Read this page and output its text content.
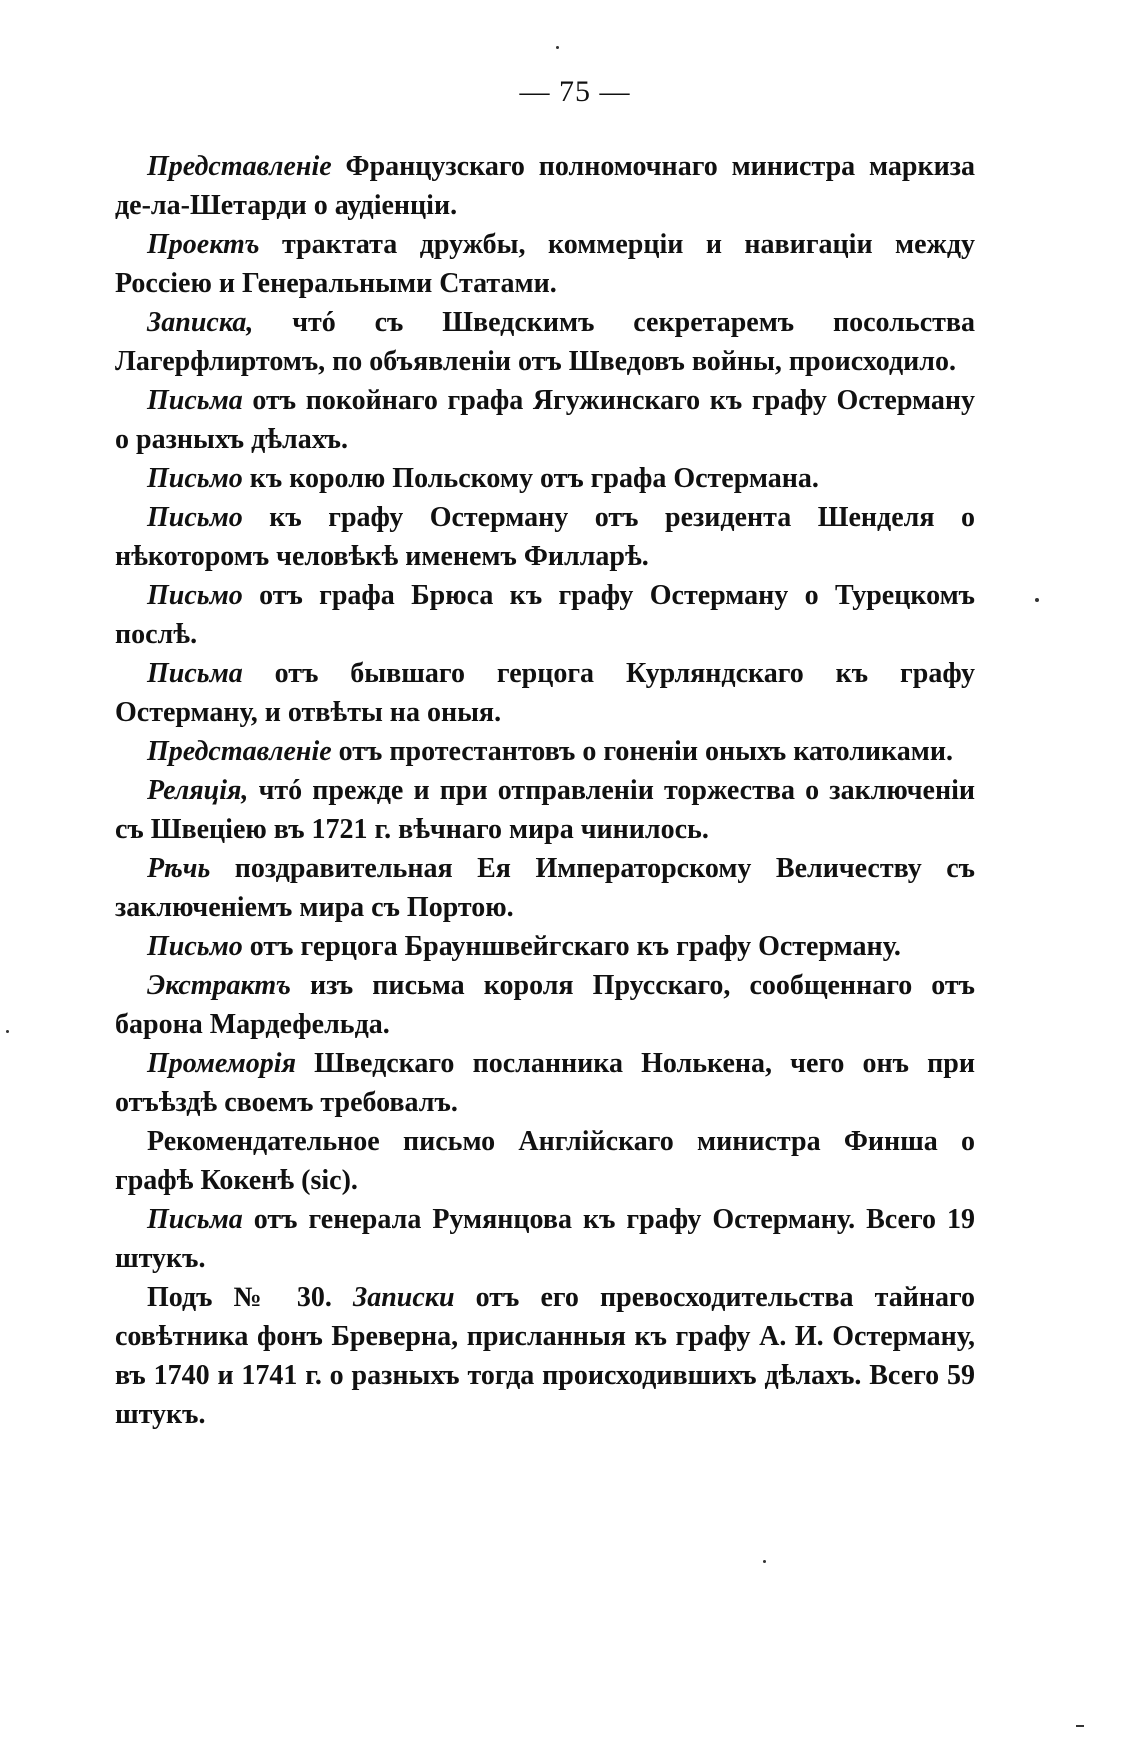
— 75 —

Представленіе Французскаго полномочнаго министра маркиза де-ла-Шетарди о аудіенціи.

Проектъ трактата дружбы, коммерціи и навигаціи между Россіею и Генеральными Статами.

Записка, чтó съ Шведскимъ секретаремъ посольства Лагерфлиртомъ, по объявленіи отъ Шведовъ войны, происходило.

Письма отъ покойнаго графа Ягужинскаго къ графу Остерману о разныхъ дѣлахъ.

Письмо къ королю Польскому отъ графа Остермана.

Письмо къ графу Остерману отъ резидента Шенделя о нѣкоторомъ человѣкѣ именемъ Филларѣ.

Письмо отъ графа Брюса къ графу Остерману о Турецкомъ послѣ.

Письма отъ бывшаго герцога Курляндскаго къ графу Остерману, и отвѣты на оныя.

Представленіе отъ протестантовъ о гоненіи оныхъ католиками.

Реляція, чтó прежде и при отправленіи торжества о заключеніи съ Швеціею въ 1721 г. вѣчнаго мира чинилось.

Рѣчь поздравительная Ея Императорскому Величеству съ заключеніемъ мира съ Портою.

Письмо отъ герцога Брауншвейгскаго къ графу Остерману.

Экстрактъ изъ письма короля Прусскаго, сообщеннаго отъ барона Мардефельда.

Промеморія Шведскаго посланника Нолькена, чего онъ при отъѣздѣ своемъ требовалъ.

Рекомендательное письмо Англійскаго министра Финша о графѣ Кокенѣ (sic).

Письма отъ генерала Румянцова къ графу Остерману. Всего 19 штукъ.

Подъ № 30. Записки отъ его превосходительства тайнаго совѣтника фонъ Бреверна, присланныя къ графу А. И. Остерману, въ 1740 и 1741 г. о разныхъ тогда происходившихъ дѣлахъ. Всего 59 штукъ.
